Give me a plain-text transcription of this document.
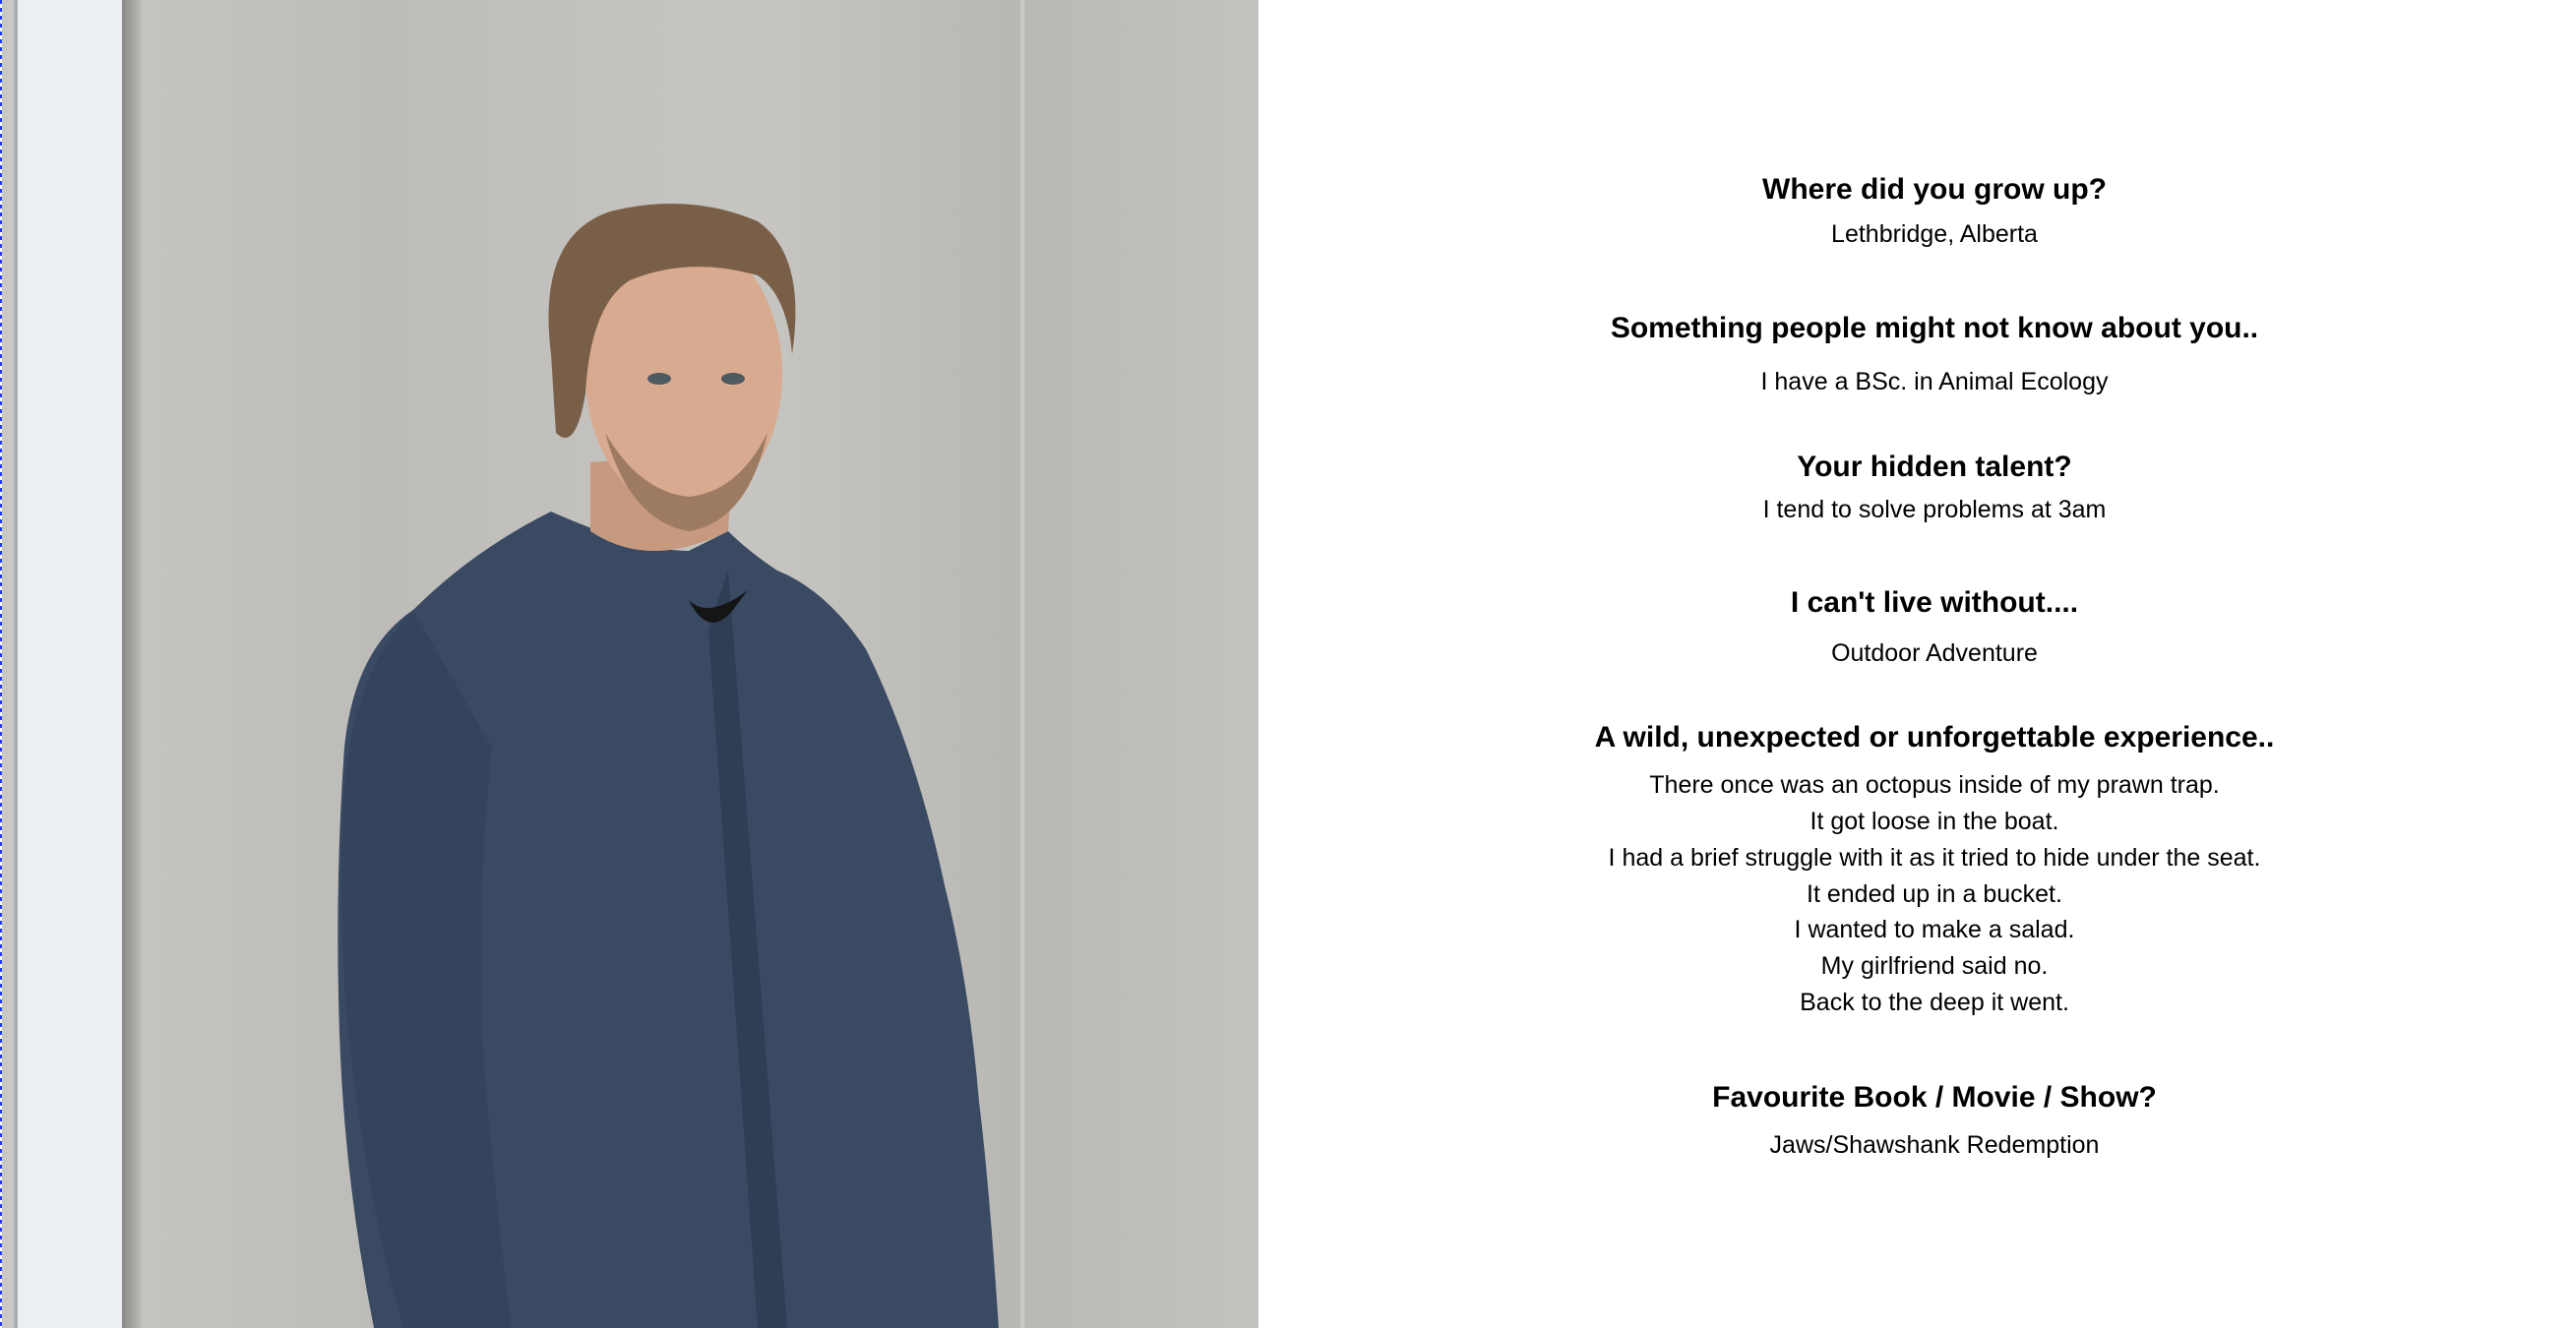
Where did you grow up?
Lethbridge, Alberta
Something people might not know about you..
I have a BSc. in Animal Ecology
Your hidden talent?
I tend to solve problems at 3am
I can't live without....
Outdoor Adventure
A wild, unexpected or unforgettable experience..
There once was an octopus inside of my prawn trap.
It got loose in the boat.
I had a brief struggle with it as it tried to hide under the seat.
It ended up in a bucket.
I wanted to make a salad.
My girlfriend said no.
Back to the deep it went.
Favourite Book / Movie / Show?
Jaws/Shawshank Redemption
